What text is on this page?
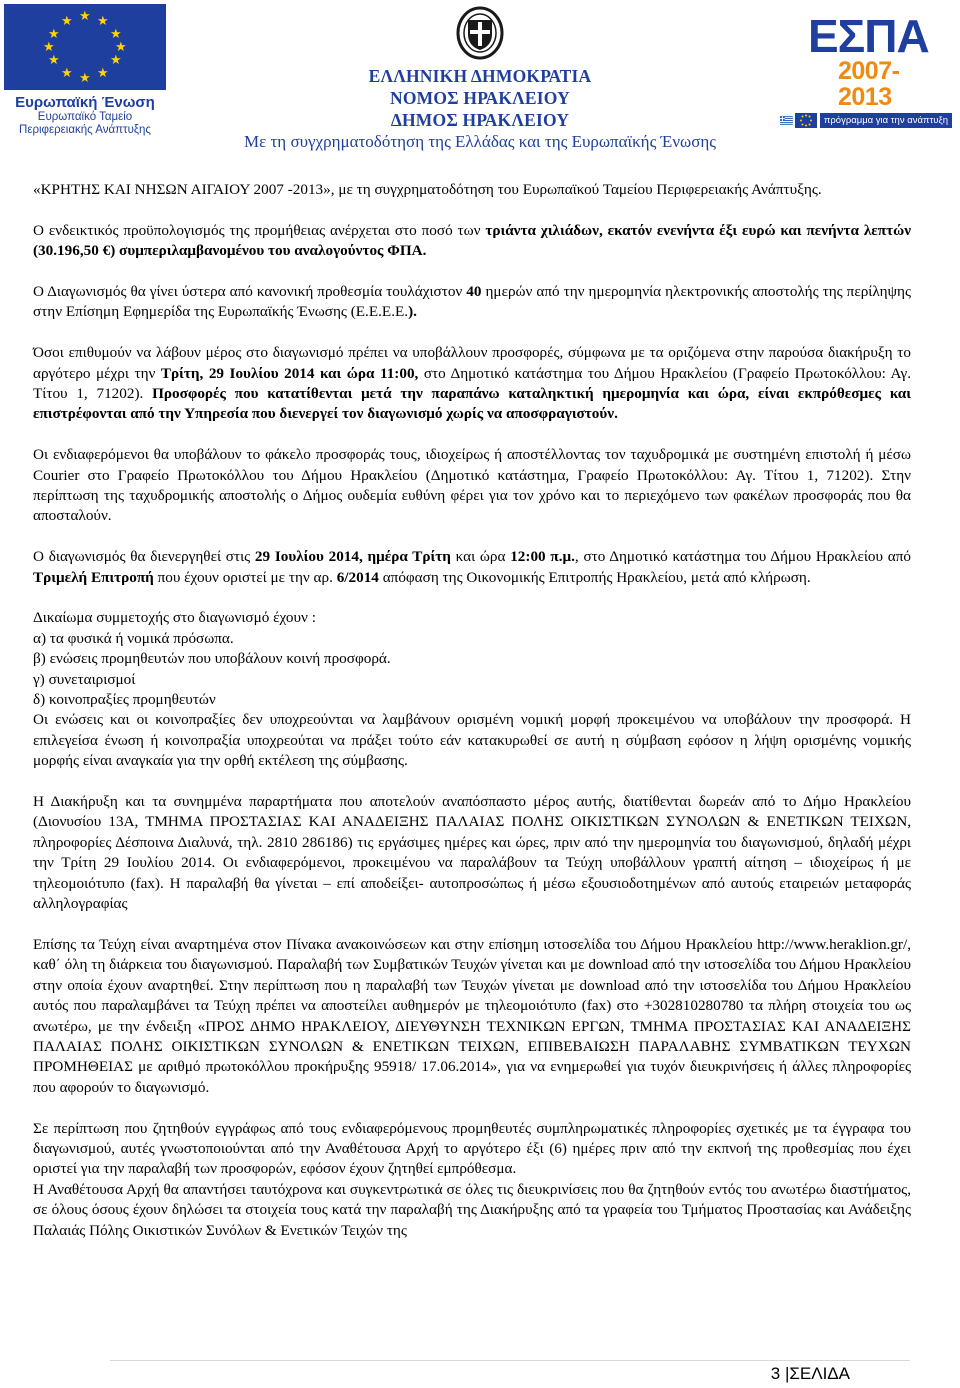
★ ★
★
★
★
★
★
★
★
★
★
★
Ευρωπαϊκή Ένωση
Ευρωπαϊκό Ταμείο
Περιφερειακής Ανάπτυξης
ΕΛΛΗΝΙΚΗ ΔΗΜΟΚΡΑΤΙΑ
ΝΟΜΟΣ ΗΡΑΚΛΕΙΟΥ
ΔΗΜΟΣ ΗΡΑΚΛΕΙΟΥ
Με τη συγχρηματοδότηση της Ελλάδας και της Ευρωπαϊκής Ένωσης
ΕΣΠΑ
2007-2013
πρόγραμμα για την ανάπτυξη

«ΚΡΗΤΗΣ ΚΑΙ ΝΗΣΩΝ ΑΙΓΑΙΟΥ 2007 -2013», με τη συγχρηματοδότηση του Ευρωπαϊκού Ταμείου Περιφερειακής Ανάπτυξης.

Ο ενδεικτικός προϋπολογισμός της προμήθειας ανέρχεται στο ποσό των τριάντα χιλιάδων, εκατόν ενενήντα έξι ευρώ και πενήντα λεπτών (30.196,50 €) συμπεριλαμβανομένου του αναλογούντος ΦΠΑ.

Ο Διαγωνισμός θα γίνει ύστερα από κανονική προθεσμία τουλάχιστον 40 ημερών από την ημερομηνία ηλεκτρονικής αποστολής της περίληψης στην Επίσημη Εφημερίδα της Ευρωπαϊκής Ένωσης (Ε.Ε.Ε.Ε.).

Όσοι επιθυμούν να λάβουν μέρος στο διαγωνισμό πρέπει να υποβάλλουν προσφορές, σύμφωνα με τα οριζόμενα στην παρούσα διακήρυξη το αργότερο μέχρι την Τρίτη, 29 Ιουλίου 2014 και ώρα 11:00, στο Δημοτικό κατάστημα του Δήμου Ηρακλείου (Γραφείο Πρωτοκόλλου: Αγ. Τίτου 1, 71202). Προσφορές που κατατίθενται μετά την παραπάνω καταληκτική ημερομηνία και ώρα, είναι εκπρόθεσμες και επιστρέφονται από την Υπηρεσία που διενεργεί τον διαγωνισμό χωρίς να αποσφραγιστούν.

Οι ενδιαφερόμενοι θα υποβάλουν το φάκελο προσφοράς τους, ιδιοχείρως ή αποστέλλοντας τον ταχυδρομικά με συστημένη επιστολή ή μέσω Courier στο Γραφείο Πρωτοκόλλου του Δήμου Ηρακλείου (Δημοτικό κατάστημα, Γραφείο Πρωτοκόλλου: Αγ. Τίτου 1, 71202). Στην περίπτωση της ταχυδρομικής αποστολής ο Δήμος ουδεμία ευθύνη φέρει για τον χρόνο και το περιεχόμενο των φακέλων προσφοράς που θα αποσταλούν.

Ο διαγωνισμός θα διενεργηθεί στις 29 Ιουλίου 2014, ημέρα Τρίτη και ώρα 12:00 π.μ., στο Δημοτικό κατάστημα του Δήμου Ηρακλείου από Τριμελή Επιτροπή που έχουν οριστεί με την αρ. 6/2014 απόφαση της Οικονομικής Επιτροπής Ηρακλείου, μετά από κλήρωση.

Δικαίωμα συμμετοχής στο διαγωνισμό έχουν :

α) τα φυσικά ή νομικά πρόσωπα.

β) ενώσεις προμηθευτών που υποβάλουν κοινή προσφορά.

γ) συνεταιρισμοί

δ) κοινοπραξίες προμηθευτών

Οι ενώσεις και οι κοινοπραξίες δεν υποχρεούνται να λαμβάνουν ορισμένη νομική μορφή προκειμένου να υποβάλουν την προσφορά. Η επιλεγείσα ένωση ή κοινοπραξία υποχρεούται να πράξει τούτο εάν κατακυρωθεί σε αυτή η σύμβαση εφόσον η λήψη ορισμένης νομικής μορφής είναι αναγκαία για την ορθή εκτέλεση της σύμβασης.

Η Διακήρυξη και τα συνημμένα παραρτήματα που αποτελούν αναπόσπαστο μέρος αυτής, διατίθενται δωρεάν από το Δήμο Ηρακλείου (Διονυσίου 13Α, ΤΜΗΜΑ ΠΡΟΣΤΑΣΙΑΣ ΚΑΙ ΑΝΑΔΕΙΞΗΣ ΠΑΛΑΙΑΣ ΠΟΛΗΣ ΟΙΚΙΣΤΙΚΩΝ ΣΥΝΟΛΩΝ & ΕΝΕΤΙΚΩΝ ΤΕΙΧΩΝ, πληροφορίες Δέσποινα Διαλυνά, τηλ. 2810 286186) τις εργάσιμες ημέρες και ώρες, πριν από την ημερομηνία του διαγωνισμού, δηλαδή μέχρι την Τρίτη 29 Ιουλίου 2014. Οι ενδιαφερόμενοι, προκειμένου να παραλάβουν τα Τεύχη υποβάλλουν γραπτή αίτηση – ιδιοχείρως ή με τηλεομοιότυπο (fax). Η παραλαβή θα γίνεται – επί αποδείξει- αυτοπροσώπως ή μέσω εξουσιοδοτημένων από αυτούς εταιρειών μεταφοράς αλληλογραφίας

Επίσης τα Τεύχη είναι αναρτημένα στον Πίνακα ανακοινώσεων και στην επίσημη ιστοσελίδα του Δήμου Ηρακλείου http://www.heraklion.gr/, καθ΄ όλη τη διάρκεια του διαγωνισμού. Παραλαβή των Συμβατικών Τευχών γίνεται και με download από την ιστοσελίδα του Δήμου Ηρακλείου στην οποία έχουν αναρτηθεί. Στην περίπτωση που η παραλαβή των Τευχών γίνεται με download από την ιστοσελίδα του Δήμου Ηρακλείου αυτός που παραλαμβάνει τα Τεύχη πρέπει να αποστείλει αυθημερόν με τηλεομοιότυπο (fax) στο +302810280780 τα πλήρη στοιχεία του ως ανωτέρω, με την ένδειξη «ΠΡΟΣ ΔΗΜΟ ΗΡΑΚΛΕΙΟΥ, ΔΙΕΥΘΥΝΣΗ ΤΕΧΝΙΚΩΝ ΕΡΓΩΝ, ΤΜΗΜΑ ΠΡΟΣΤΑΣΙΑΣ ΚΑΙ ΑΝΑΔΕΙΞΗΣ ΠΑΛΑΙΑΣ ΠΟΛΗΣ ΟΙΚΙΣΤΙΚΩΝ ΣΥΝΟΛΩΝ & ΕΝΕΤΙΚΩΝ ΤΕΙΧΩΝ, ΕΠΙΒΕΒΑΙΩΣΗ ΠΑΡΑΛΑΒΗΣ ΣΥΜΒΑΤΙΚΩΝ ΤΕΥΧΩΝ ΠΡΟΜΗΘΕΙΑΣ με αριθμό πρωτοκόλλου προκήρυξης 95918/ 17.06.2014», για να ενημερωθεί για τυχόν διευκρινήσεις ή άλλες πληροφορίες που αφορούν το διαγωνισμό.

Σε περίπτωση που ζητηθούν εγγράφως από τους ενδιαφερόμενους προμηθευτές συμπληρωματικές πληροφορίες σχετικές με τα έγγραφα του διαγωνισμού, αυτές γνωστοποιούνται από την Αναθέτουσα Αρχή το αργότερο έξι (6) ημέρες πριν από την εκπνοή της προθεσμίας που έχει οριστεί για την παραλαβή των προσφορών, εφόσον έχουν ζητηθεί εμπρόθεσμα.

Η Αναθέτουσα Αρχή θα απαντήσει ταυτόχρονα και συγκεντρωτικά σε όλες τις διευκρινίσεις που θα ζητηθούν εντός του ανωτέρω διαστήματος, σε όλους όσους έχουν δηλώσει τα στοιχεία τους κατά την παραλαβή της Διακήρυξης από τα γραφεία του Τμήματος Προστασίας και Ανάδειξης Παλαιάς Πόλης Οικιστικών Συνόλων & Ενετικών Τειχών της

3 |ΣΕΛΙΔΑ
